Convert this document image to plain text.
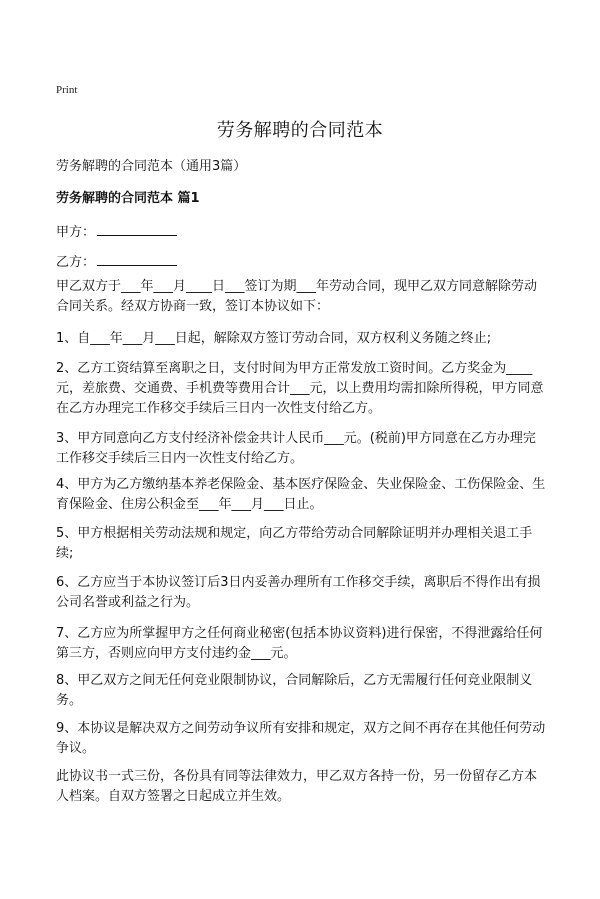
Print
劳务解聘的合同范本
劳务解聘的合同范本（通用3篇）
劳务解聘的合同范本 篇1
甲方：
乙方：
甲乙双方于___年___月____日___签订为期___年劳动合同，现甲乙双方同意解除劳动合同关系。经双方协商一致，签订本协议如下：
1、自___年___月___日起，解除双方签订劳动合同，双方权利义务随之终止;
2、乙方工资结算至离职之日，支付时间为甲方正常发放工资时间。乙方奖金为____元，差旅费、交通费、手机费等费用合计___元，以上费用均需扣除所得税，甲方同意在乙方办理完工作移交手续后三日内一次性支付给乙方。
3、甲方同意向乙方支付经济补偿金共计人民币___元。(税前)甲方同意在乙方办理完工作移交手续后三日内一次性支付给乙方。
4、甲方为乙方缴纳基本养老保险金、基本医疗保险金、失业保险金、工伤保险金、生育保险金、住房公积金至___年___月___日止。
5、甲方根据相关劳动法规和规定，向乙方带给劳动合同解除证明并办理相关退工手续;
6、乙方应当于本协议签订后3日内妥善办理所有工作移交手续，离职后不得作出有损公司名誉或利益之行为。
7、乙方应为所掌握甲方之任何商业秘密(包括本协议资料)进行保密，不得泄露给任何第三方，否则应向甲方支付违约金___元。
8、甲乙双方之间无任何竞业限制协议，合同解除后，乙方无需履行任何竞业限制义务。
9、本协议是解决双方之间劳动争议所有安排和规定，双方之间不再存在其他任何劳动争议。
此协议书一式三份，各份具有同等法律效力，甲乙双方各持一份，另一份留存乙方本人档案。自双方签署之日起成立并生效。
